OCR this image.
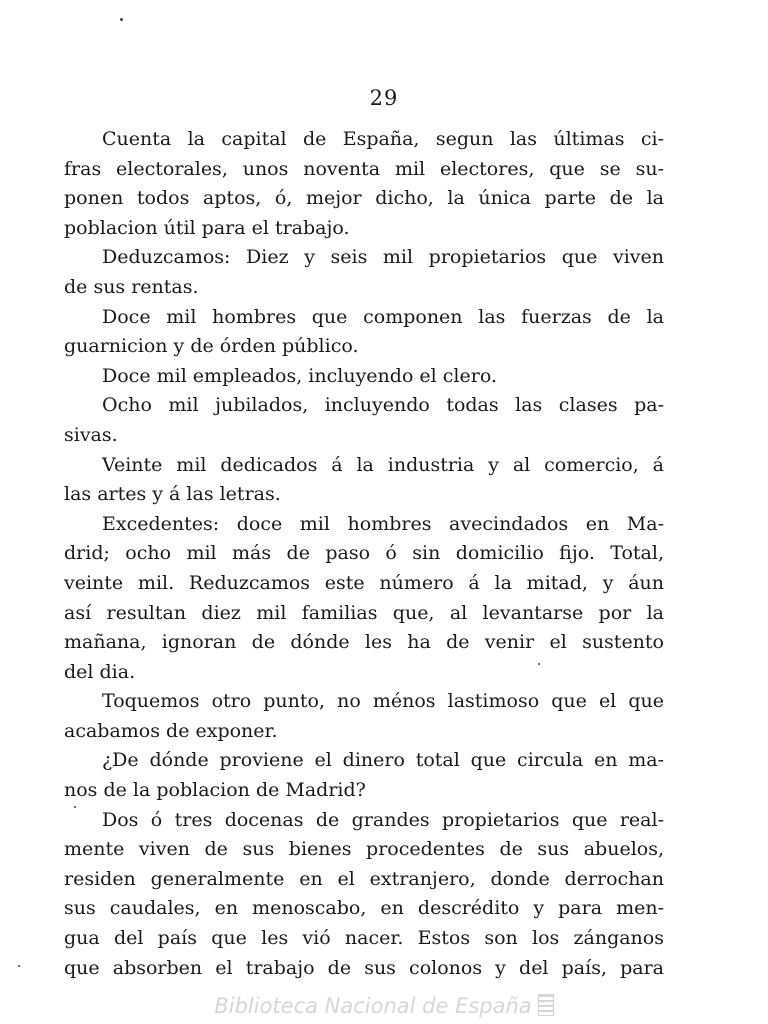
29
Cuenta la capital de España, segun las últimas ci-
fras electorales, unos noventa mil electores, que se su-
ponen todos aptos, ó, mejor dicho, la única parte de la
poblacion útil para el trabajo.
Deduzcamos: Diez y seis mil propietarios que viven
de sus rentas.
Doce mil hombres que componen las fuerzas de la
guarnicion y de órden público.
Doce mil empleados, incluyendo el clero.
Ocho mil jubilados, incluyendo todas las clases pa-
sivas.
Veinte mil dedicados á la industria y al comercio, á
las artes y á las letras.
Excedentes: doce mil hombres avecindados en Ma-
drid; ocho mil más de paso ó sin domicilio fijo. Total,
veinte mil. Reduzcamos este número á la mitad, y áun
así resultan diez mil familias que, al levantarse por la
mañana, ignoran de dónde les ha de venir el sustento
del dia.
Toquemos otro punto, no ménos lastimoso que el que
acabamos de exponer.
¿De dónde proviene el dinero total que circula en ma-
nos de la poblacion de Madrid?
Dos ó tres docenas de grandes propietarios que real-
mente viven de sus bienes procedentes de sus abuelos,
residen generalmente en el extranjero, donde derrochan
sus caudales, en menoscabo, en descrédito y para men-
gua del país que les vió nacer. Estos son los zánganos
que absorben el trabajo de sus colonos y del país, para
Biblioteca Nacional de España
